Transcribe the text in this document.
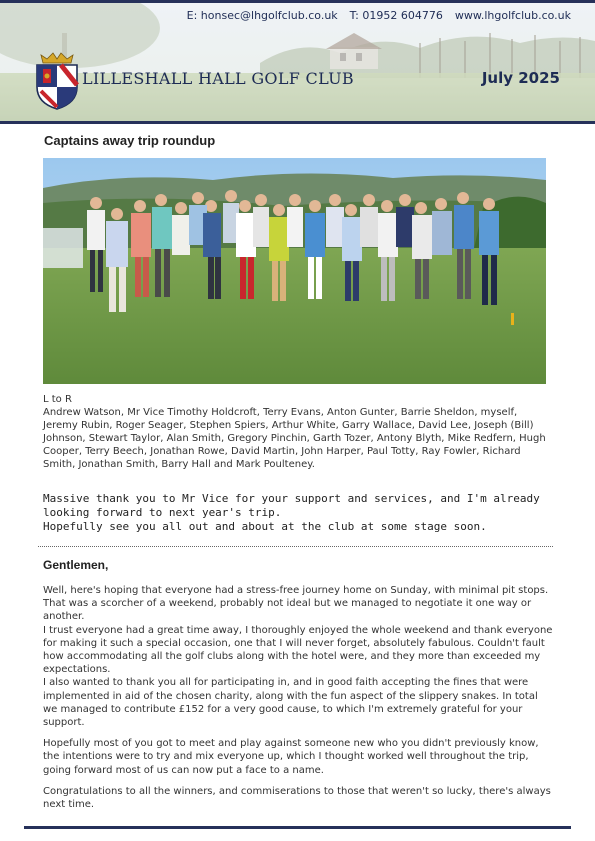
E: honsec@lhgolfclub.co.uk T: 01952 604776 www.lhgolfclub.co.uk
LILLESHALL HALL GOLF CLUB	July 2025
Captains away trip roundup
L to R
Andrew Watson, Mr Vice Timothy Holdcroft, Terry Evans, Anton Gunter, Barrie Sheldon, myself, Jeremy Rubin, Roger Seager, Stephen Spiers, Arthur White, Garry Wallace, David Lee, Joseph (Bill) Johnson, Stewart Taylor, Alan Smith, Gregory Pinchin, Garth Tozer, Antony Blyth, Mike Redfern, Hugh Cooper, Terry Beech, Jonathan Rowe, David Martin, John Harper, Paul Totty, Ray Fowler, Richard Smith, Jonathan Smith, Barry Hall and Mark Poulteney.

Massive thank you to Mr Vice for your support and services, and I'm already looking forward to next year's trip.

Hopefully see you all out and about at the club at some stage soon.

Gentlemen,

Well, here's hoping that everyone had a stress-free journey home on Sunday, with minimal pit stops.

That was a scorcher of a weekend, probably not ideal but we managed to negotiate it one way or another.

I trust everyone had a great time away, I thoroughly enjoyed the whole weekend and thank everyone for making it such a special occasion, one that I will never forget, absolutely fabulous. Couldn't fault how accommodating all the golf clubs along with the hotel were, and they more than exceeded my expectations.

I also wanted to thank you all for participating in, and in good faith accepting the fines that were implemented in aid of the chosen charity, along with the fun aspect of the slippery snakes. In total we managed to contribute £152 for a very good cause, to which I'm extremely grateful for your support.

Hopefully most of you got to meet and play against someone new who you didn't previously know, the intentions were to try and mix everyone up, which I thought worked well throughout the trip, going forward most of us can now put a face to a name.

Congratulations to all the winners, and commiserations to those that weren't so lucky, there's always next time.
